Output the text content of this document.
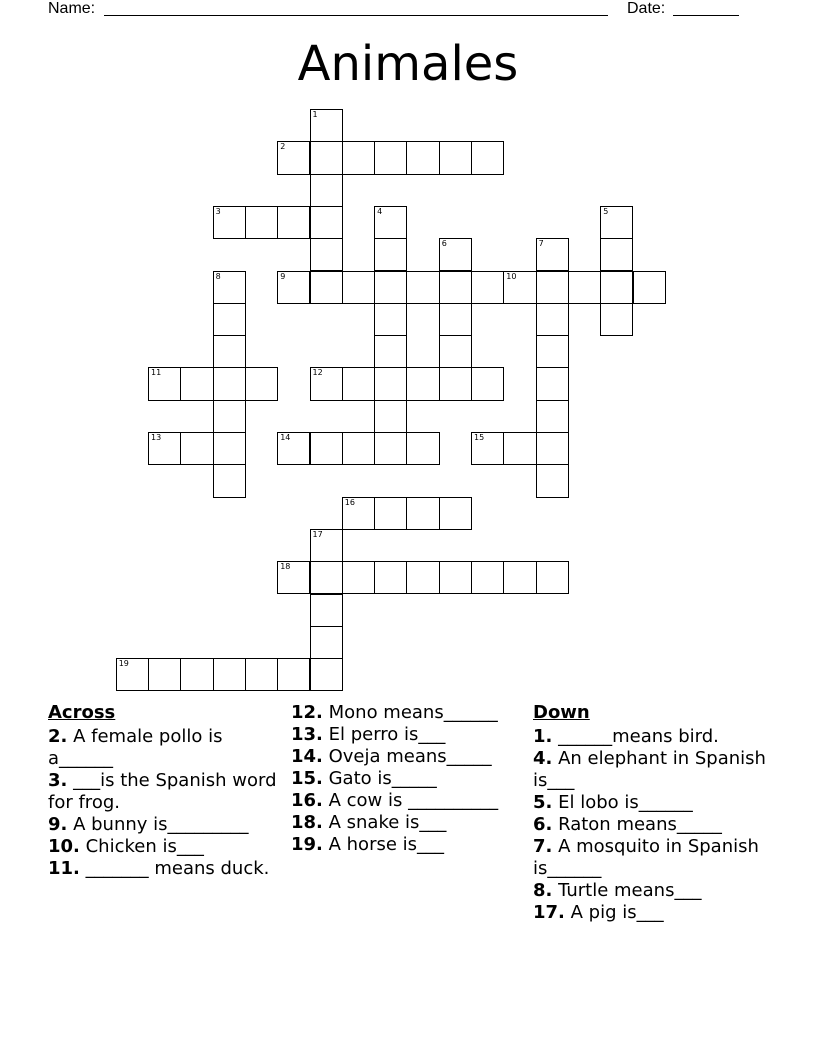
Name:	Date:
Animales
1
2
3	4	5
6	7
8	9	10
11	12
13	14	15
16
17
18
19
Across
2. A female pollo is a______
3. ___is the Spanish word for frog.
9. A bunny is_________
10. Chicken is___
11. _______ means duck.
12. Mono means______
13. El perro is___
14. Oveja means_____
15. Gato is_____
16. A cow is __________
18. A snake is___
19. A horse is___
Down
1. ______means bird.
4. An elephant in Spanish is___
5. El lobo is______
6. Raton means_____
7. A mosquito in Spanish is______
8. Turtle means___
17. A pig is___
